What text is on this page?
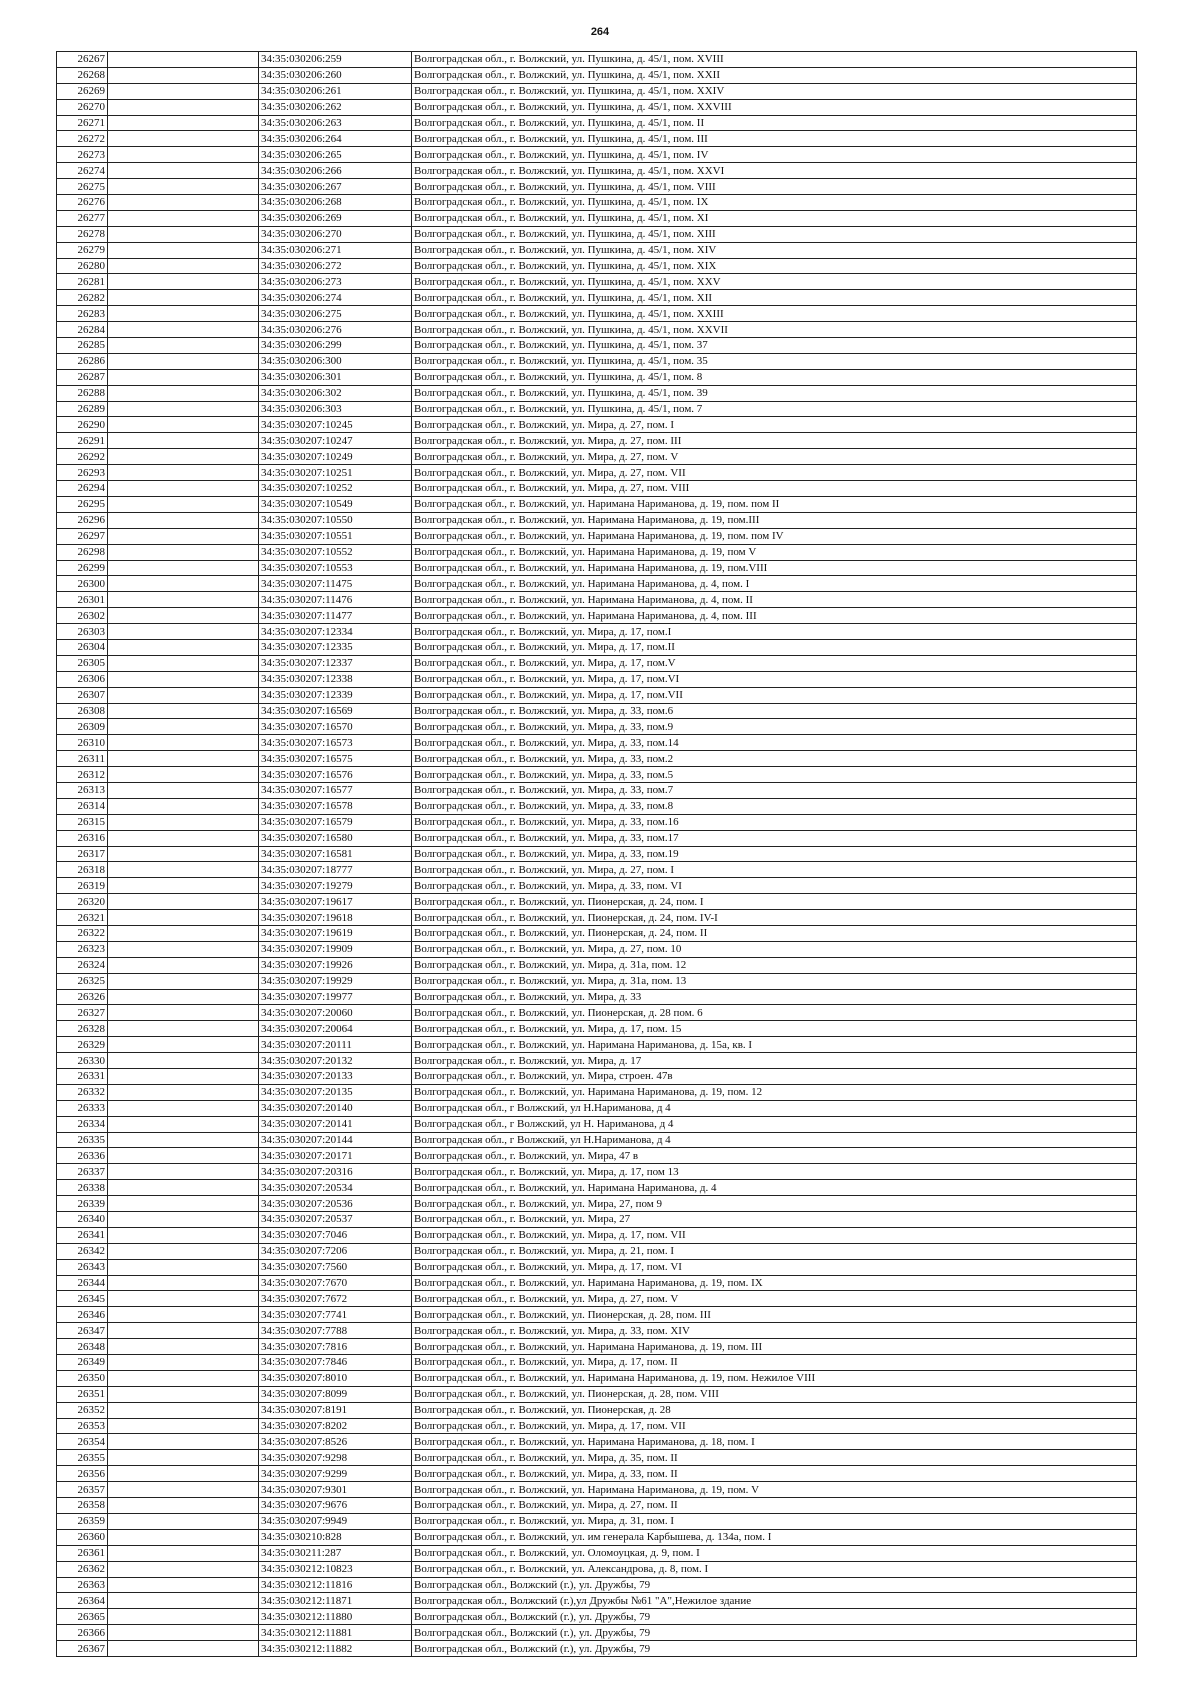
264
26267		34:35:030206:259	Волгоградская обл., г. Волжский, ул. Пушкина, д. 45/1, пом. XVIII
26268		34:35:030206:260	Волгоградская обл., г. Волжский, ул. Пушкина, д. 45/1, пом. XXII
26269		34:35:030206:261	Волгоградская обл., г. Волжский, ул. Пушкина, д. 45/1, пом. XXIV
26270		34:35:030206:262	Волгоградская обл., г. Волжский, ул. Пушкина, д. 45/1, пом. XXVIII
26271		34:35:030206:263	Волгоградская обл., г. Волжский, ул. Пушкина, д. 45/1, пом. II
26272		34:35:030206:264	Волгоградская обл., г. Волжский, ул. Пушкина, д. 45/1, пом. III
26273		34:35:030206:265	Волгоградская обл., г. Волжский, ул. Пушкина, д. 45/1, пом. IV
26274		34:35:030206:266	Волгоградская обл., г. Волжский, ул. Пушкина, д. 45/1, пом. XXVI
26275		34:35:030206:267	Волгоградская обл., г. Волжский, ул. Пушкина, д. 45/1, пом. VIII
26276		34:35:030206:268	Волгоградская обл., г. Волжский, ул. Пушкина, д. 45/1, пом. IX
26277		34:35:030206:269	Волгоградская обл., г. Волжский, ул. Пушкина, д. 45/1, пом. XI
26278		34:35:030206:270	Волгоградская обл., г. Волжский, ул. Пушкина, д. 45/1, пом. XIII
26279		34:35:030206:271	Волгоградская обл., г. Волжский, ул. Пушкина, д. 45/1, пом. XIV
26280		34:35:030206:272	Волгоградская обл., г. Волжский, ул. Пушкина, д. 45/1, пом. XIX
26281		34:35:030206:273	Волгоградская обл., г. Волжский, ул. Пушкина, д. 45/1, пом. XXV
26282		34:35:030206:274	Волгоградская обл., г. Волжский, ул. Пушкина, д. 45/1, пом. XII
26283		34:35:030206:275	Волгоградская обл., г. Волжский, ул. Пушкина, д. 45/1, пом. XXIII
26284		34:35:030206:276	Волгоградская обл., г. Волжский, ул. Пушкина, д. 45/1, пом. XXVII
26285		34:35:030206:299	Волгоградская обл., г. Волжский, ул. Пушкина, д. 45/1, пом. 37
26286		34:35:030206:300	Волгоградская обл., г. Волжский, ул. Пушкина, д. 45/1, пом. 35
26287		34:35:030206:301	Волгоградская обл., г. Волжский, ул. Пушкина, д. 45/1, пом. 8
26288		34:35:030206:302	Волгоградская обл., г. Волжский, ул. Пушкина, д. 45/1, пом. 39
26289		34:35:030206:303	Волгоградская обл., г. Волжский, ул. Пушкина, д. 45/1, пом. 7
26290		34:35:030207:10245	Волгоградская обл., г. Волжский, ул. Мира, д. 27, пом. I
26291		34:35:030207:10247	Волгоградская обл., г. Волжский, ул. Мира, д. 27, пом. III
26292		34:35:030207:10249	Волгоградская обл., г. Волжский, ул. Мира, д. 27, пом. V
26293		34:35:030207:10251	Волгоградская обл., г. Волжский, ул. Мира, д. 27, пом. VII
26294		34:35:030207:10252	Волгоградская обл., г. Волжский, ул. Мира, д. 27, пом. VIII
26295		34:35:030207:10549	Волгоградская обл., г. Волжский, ул. Наримана Нариманова, д. 19, пом. пом II
26296		34:35:030207:10550	Волгоградская обл., г. Волжский, ул. Наримана Нариманова, д. 19, пом.III
26297		34:35:030207:10551	Волгоградская обл., г. Волжский, ул. Наримана Нариманова, д. 19, пом. пом IV
26298		34:35:030207:10552	Волгоградская обл., г. Волжский, ул. Наримана Нариманова, д. 19, пом V
26299		34:35:030207:10553	Волгоградская обл., г. Волжский, ул. Наримана Нариманова, д. 19, пом.VIII
26300		34:35:030207:11475	Волгоградская обл., г. Волжский, ул. Наримана Нариманова, д. 4, пом. I
26301		34:35:030207:11476	Волгоградская обл., г. Волжский, ул. Наримана Нариманова, д. 4, пом. II
26302		34:35:030207:11477	Волгоградская обл., г. Волжский, ул. Наримана Нариманова, д. 4, пом. III
26303		34:35:030207:12334	Волгоградская обл., г. Волжский, ул. Мира, д. 17, пом.I
26304		34:35:030207:12335	Волгоградская обл., г. Волжский, ул. Мира, д. 17, пом.II
26305		34:35:030207:12337	Волгоградская обл., г. Волжский, ул. Мира, д. 17, пом.V
26306		34:35:030207:12338	Волгоградская обл., г. Волжский, ул. Мира, д. 17, пом.VI
26307		34:35:030207:12339	Волгоградская обл., г. Волжский, ул. Мира, д. 17, пом.VII
26308		34:35:030207:16569	Волгоградская обл., г. Волжский, ул. Мира, д. 33, пом.6
26309		34:35:030207:16570	Волгоградская обл., г. Волжский, ул. Мира, д. 33, пом.9
26310		34:35:030207:16573	Волгоградская обл., г. Волжский, ул. Мира, д. 33, пом.14
26311		34:35:030207:16575	Волгоградская обл., г. Волжский, ул. Мира, д. 33, пом.2
26312		34:35:030207:16576	Волгоградская обл., г. Волжский, ул. Мира, д. 33, пом.5
26313		34:35:030207:16577	Волгоградская обл., г. Волжский, ул. Мира, д. 33, пом.7
26314		34:35:030207:16578	Волгоградская обл., г. Волжский, ул. Мира, д. 33, пом.8
26315		34:35:030207:16579	Волгоградская обл., г. Волжский, ул. Мира, д. 33, пом.16
26316		34:35:030207:16580	Волгоградская обл., г. Волжский, ул. Мира, д. 33, пом.17
26317		34:35:030207:16581	Волгоградская обл., г. Волжский, ул. Мира, д. 33, пом.19
26318		34:35:030207:18777	Волгоградская обл., г. Волжский, ул. Мира, д. 27, пом. I
26319		34:35:030207:19279	Волгоградская обл., г. Волжский, ул. Мира, д. 33, пом. VI
26320		34:35:030207:19617	Волгоградская обл., г. Волжский, ул. Пионерская, д. 24, пом. I
26321		34:35:030207:19618	Волгоградская обл., г. Волжский, ул. Пионерская, д. 24, пом. IV-I
26322		34:35:030207:19619	Волгоградская обл., г. Волжский, ул. Пионерская, д. 24, пом. II
26323		34:35:030207:19909	Волгоградская обл., г. Волжский, ул. Мира, д. 27, пом. 10
26324		34:35:030207:19926	Волгоградская обл., г. Волжский, ул. Мира, д. 31а, пом. 12
26325		34:35:030207:19929	Волгоградская обл., г. Волжский, ул. Мира, д. 31а, пом. 13
26326		34:35:030207:19977	Волгоградская обл., г. Волжский, ул. Мира, д. 33
26327		34:35:030207:20060	Волгоградская обл., г. Волжский, ул. Пионерская, д. 28 пом. 6
26328		34:35:030207:20064	Волгоградская обл., г. Волжский, ул. Мира, д. 17, пом. 15
26329		34:35:030207:20111	Волгоградская обл., г. Волжский, ул. Наримана Нариманова, д. 15а, кв. I
26330		34:35:030207:20132	Волгоградская обл., г. Волжский, ул. Мира, д. 17
26331		34:35:030207:20133	Волгоградская обл., г. Волжский, ул. Мира, строен. 47в
26332		34:35:030207:20135	Волгоградская обл., г. Волжский, ул. Наримана Нариманова, д. 19, пом. 12
26333		34:35:030207:20140	Волгоградская обл., г Волжский, ул Н.Нариманова, д 4
26334		34:35:030207:20141	Волгоградская обл., г Волжский, ул Н. Нариманова, д 4
26335		34:35:030207:20144	Волгоградская обл., г Волжский, ул Н.Нариманова, д 4
26336		34:35:030207:20171	Волгоградская обл., г. Волжский, ул. Мира, 47 в
26337		34:35:030207:20316	Волгоградская обл., г. Волжский, ул. Мира, д. 17, пом 13
26338		34:35:030207:20534	Волгоградская обл., г. Волжский, ул. Наримана Нариманова, д. 4
26339		34:35:030207:20536	Волгоградская обл., г. Волжский, ул. Мира, 27, пом 9
26340		34:35:030207:20537	Волгоградская обл., г. Волжский, ул. Мира, 27
26341		34:35:030207:7046	Волгоградская обл., г. Волжский, ул. Мира, д. 17, пом. VII
26342		34:35:030207:7206	Волгоградская обл., г. Волжский, ул. Мира, д. 21, пом. I
26343		34:35:030207:7560	Волгоградская обл., г. Волжский, ул. Мира, д. 17, пом. VI
26344		34:35:030207:7670	Волгоградская обл., г. Волжский, ул. Наримана Нариманова, д. 19, пом. IX
26345		34:35:030207:7672	Волгоградская обл., г. Волжский, ул. Мира, д. 27, пом. V
26346		34:35:030207:7741	Волгоградская обл., г. Волжский, ул. Пионерская, д. 28, пом. III
26347		34:35:030207:7788	Волгоградская обл., г. Волжский, ул. Мира, д. 33, пом. XIV
26348		34:35:030207:7816	Волгоградская обл., г. Волжский, ул. Наримана Нариманова, д. 19, пом. III
26349		34:35:030207:7846	Волгоградская обл., г. Волжский, ул. Мира, д. 17, пом. II
26350		34:35:030207:8010	Волгоградская обл., г. Волжский, ул. Наримана Нариманова, д. 19, пом. Нежилое VIII
26351		34:35:030207:8099	Волгоградская обл., г. Волжский, ул. Пионерская, д. 28, пом. VIII
26352		34:35:030207:8191	Волгоградская обл., г. Волжский, ул. Пионерская, д. 28
26353		34:35:030207:8202	Волгоградская обл., г. Волжский, ул. Мира, д. 17, пом. VII
26354		34:35:030207:8526	Волгоградская обл., г. Волжский, ул. Наримана Нариманова, д. 18, пом. I
26355		34:35:030207:9298	Волгоградская обл., г. Волжский, ул. Мира, д. 35, пом. II
26356		34:35:030207:9299	Волгоградская обл., г. Волжский, ул. Мира, д. 33, пом. II
26357		34:35:030207:9301	Волгоградская обл., г. Волжский, ул. Наримана Нариманова, д. 19, пом. V
26358		34:35:030207:9676	Волгоградская обл., г. Волжский, ул. Мира, д. 27, пом. II
26359		34:35:030207:9949	Волгоградская обл., г. Волжский, ул. Мира, д. 31, пом. I
26360		34:35:030210:828	Волгоградская обл., г. Волжский, ул. им генерала Карбышева, д. 134а, пом. I
26361		34:35:030211:287	Волгоградская обл., г. Волжский, ул. Оломоуцкая, д. 9, пом. I
26362		34:35:030212:10823	Волгоградская обл., г. Волжский, ул. Александрова, д. 8, пом. I
26363		34:35:030212:11816	Волгоградская обл., Волжский (г.), ул. Дружбы, 79
26364		34:35:030212:11871	Волгоградская обл., Волжский (г.),ул Дружбы №61 "А",Нежилое здание
26365		34:35:030212:11880	Волгоградская обл., Волжский (г.), ул. Дружбы, 79
26366		34:35:030212:11881	Волгоградская обл., Волжский (г.), ул. Дружбы, 79
26367		34:35:030212:11882	Волгоградская обл., Волжский (г.), ул. Дружбы, 79
